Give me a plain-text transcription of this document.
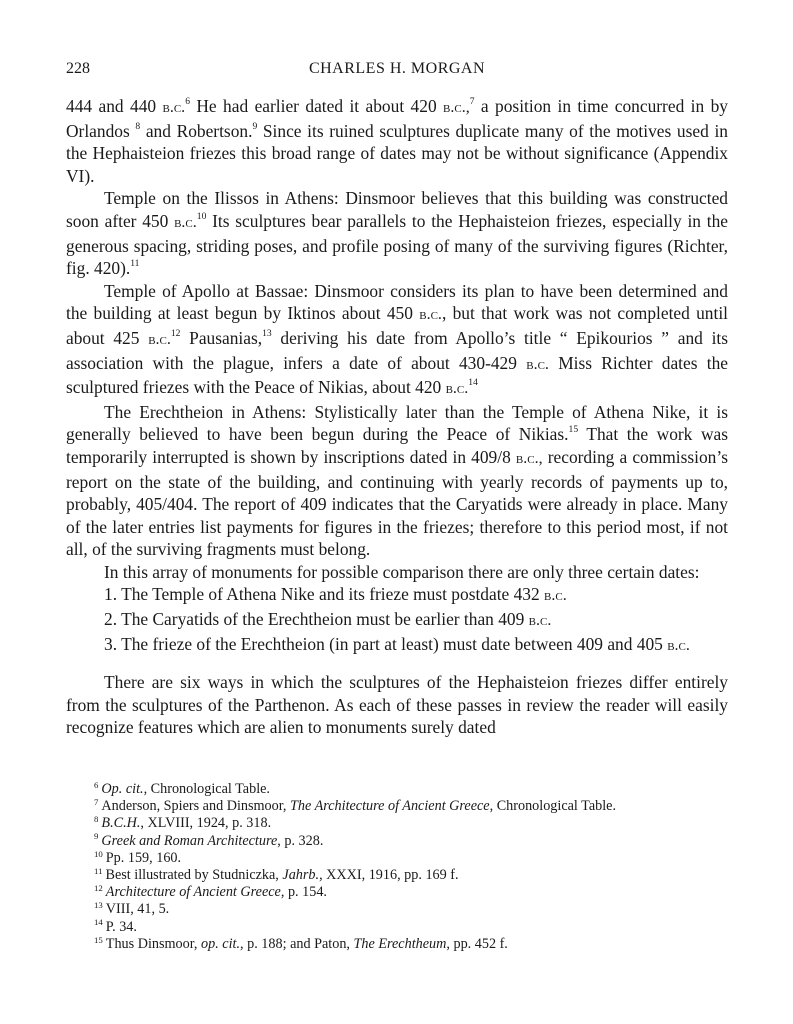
228	CHARLES H. MORGAN

444 and 440 b.c.$^6$ He had earlier dated it about 420 b.c.,$^7$ a position in time concurred in by Orlandos $^8$ and Robertson.$^9$ Since its ruined sculptures duplicate many of the motives used in the Hephaisteion friezes this broad range of dates may not be without significance (Appendix VI).

Temple on the Ilissos in Athens: Dinsmoor believes that this building was constructed soon after 450 b.c.$^{10}$ Its sculptures bear parallels to the Hephaisteion friezes, especially in the generous spacing, striding poses, and profile posing of many of the surviving figures (Richter, fig. 420).$^{11}$

Temple of Apollo at Bassae: Dinsmoor considers its plan to have been determined and the building at least begun by Iktinos about 450 b.c., but that work was not completed until about 425 b.c.$^{12}$ Pausanias,$^{13}$ deriving his date from Apollo’s title “ Epikourios ” and its association with the plague, infers a date of about 430-429 b.c. Miss Richter dates the sculptured friezes with the Peace of Nikias, about 420 b.c.$^{14}$

The Erechtheion in Athens: Stylistically later than the Temple of Athena Nike, it is generally believed to have been begun during the Peace of Nikias.$^{15}$ That the work was temporarily interrupted is shown by inscriptions dated in 409/8 b.c., recording a commission’s report on the state of the building, and continuing with yearly records of payments up to, probably, 405/404. The report of 409 indicates that the Caryatids were already in place. Many of the later entries list payments for figures in the friezes; therefore to this period most, if not all, of the surviving fragments must belong.

In this array of monuments for possible comparison there are only three certain dates:

1. The Temple of Athena Nike and its frieze must postdate 432 b.c.

2. The Caryatids of the Erechtheion must be earlier than 409 b.c.

3. The frieze of the Erechtheion (in part at least) must date between 409 and 405 b.c.

There are six ways in which the sculptures of the Hephaisteion friezes differ entirely from the sculptures of the Parthenon. As each of these passes in review the reader will easily recognize features which are alien to monuments surely dated

$^6$ Op. cit., Chronological Table.
$^7$ Anderson, Spiers and Dinsmoor, The Architecture of Ancient Greece, Chronological Table.
$^8$ B.C.H., XLVIII, 1924, p. 318.
$^9$ Greek and Roman Architecture, p. 328.
$^{10}$ Pp. 159, 160.
$^{11}$ Best illustrated by Studniczka, Jahrb., XXXI, 1916, pp. 169 f.
$^{12}$ Architecture of Ancient Greece, p. 154.
$^{13}$ VIII, 41, 5.
$^{14}$ P. 34.
$^{15}$ Thus Dinsmoor, op. cit., p. 188; and Paton, The Erechtheum, pp. 452 f.
